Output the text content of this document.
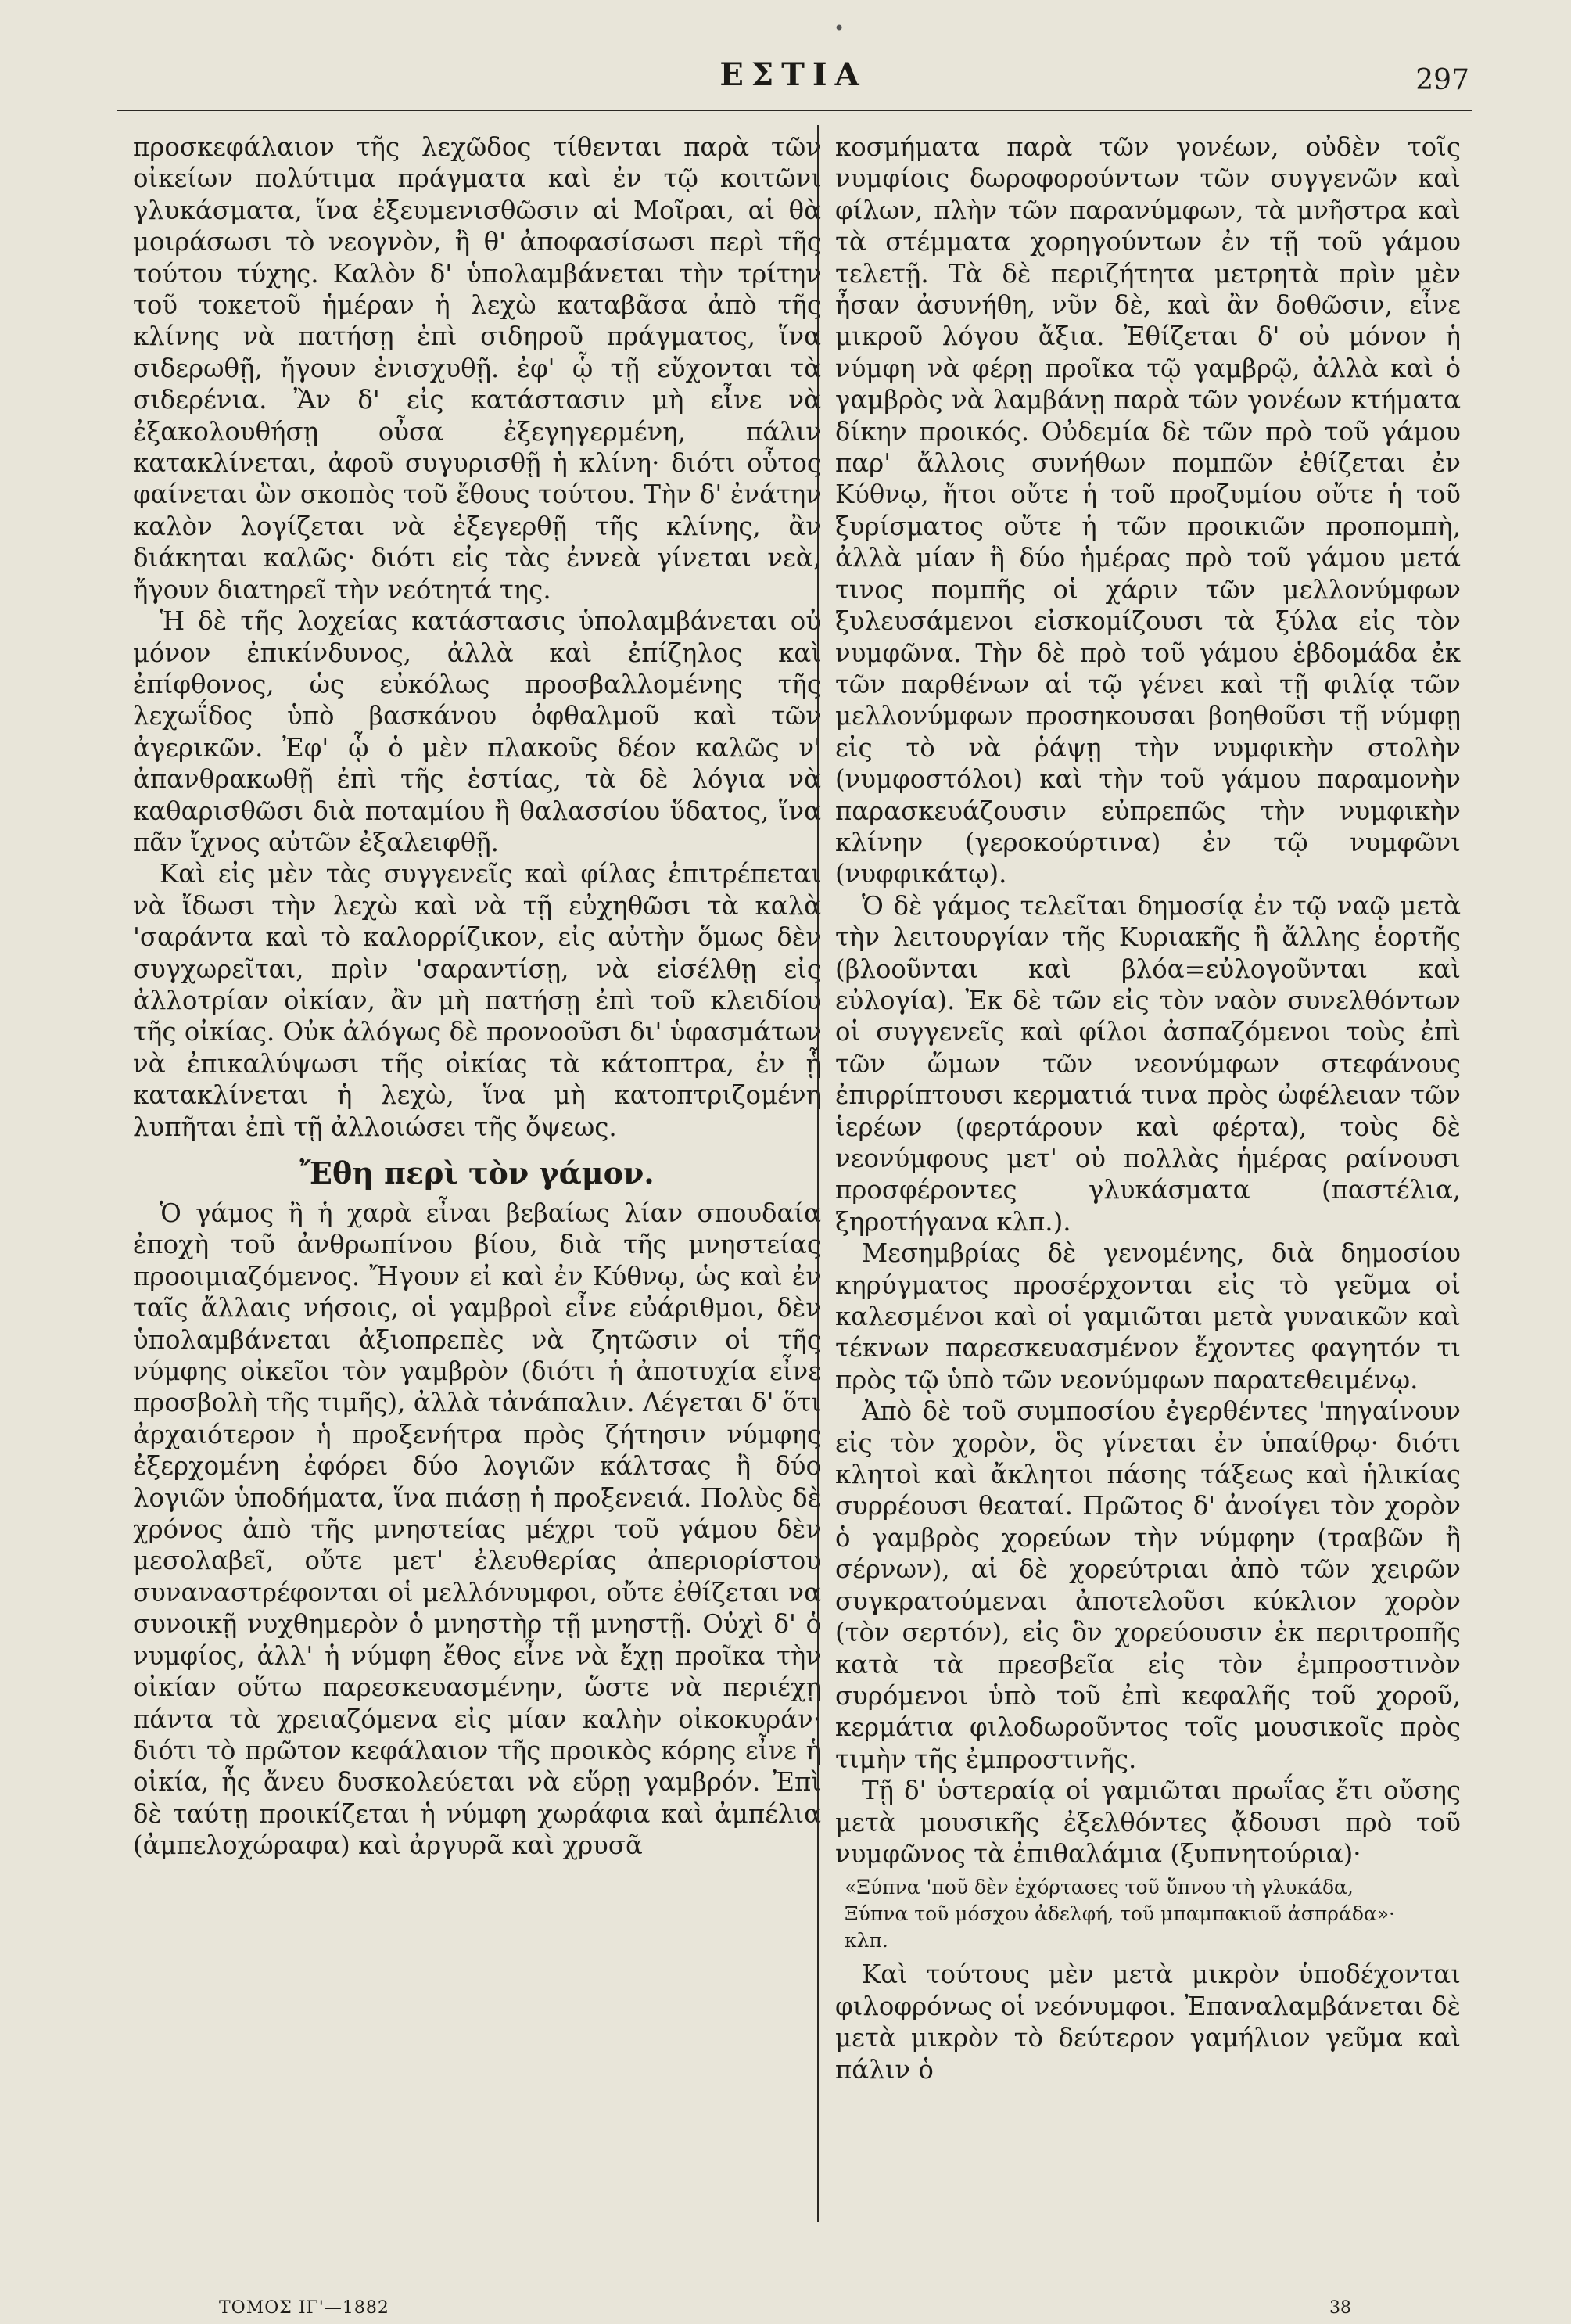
•
ΕΣΤΙΑ	297

προσκεφάλαιον τῆς λεχῶδος τίθενται παρὰ τῶν οἰκείων πολύτιμα πράγματα καὶ ἐν τῷ κοιτῶνι γλυκάσματα, ἵνα ἐξευμενισθῶσιν αἱ Μοῖραι, αἱ θὰ μοιράσωσι τὸ νεογνὸν, ἢ θ' ἀποφασίσωσι περὶ τῆς τούτου τύχης. Καλὸν δ' ὑπολαμβάνεται τὴν τρίτην τοῦ τοκετοῦ ἡμέραν ἡ λεχὼ καταβᾶσα ἀπὸ τῆς κλίνης νὰ πατήσῃ ἐπὶ σιδηροῦ πράγματος, ἵνα σιδερωθῇ, ἤγουν ἐνισχυθῇ. ἐφ' ᾧ τῇ εὔχονται τὰ σιδερένια. Ἂν δ' εἰς κατάστασιν μὴ εἶνε νὰ ἐξακολουθήσῃ οὖσα ἐξεγηγερμένη, πάλιν κατακλίνεται, ἀφοῦ συγυρισθῇ ἡ κλίνη· διότι οὗτος φαίνεται ὢν σκοπὸς τοῦ ἔθους τούτου. Τὴν δ' ἐνάτην καλὸν λογίζεται νὰ ἐξεγερθῇ τῆς κλίνης, ἂν διάκηται καλῶς· διότι εἰς τὰς ἐννεὰ γίνεται νεὰ, ἤγουν διατηρεῖ τὴν νεότητά της.

Ἡ δὲ τῆς λοχείας κατάστασις ὑπολαμβάνεται οὐ μόνον ἐπικίνδυνος, ἀλλὰ καὶ ἐπίζηλος καὶ ἐπίφθονος, ὡς εὐκόλως προσβαλλομένης τῆς λεχωΐδος ὑπὸ βασκάνου ὀφθαλμοῦ καὶ τῶν ἀγερικῶν. Ἐφ' ᾧ ὁ μὲν πλακοῦς δέον καλῶς ν' ἀπανθρακωθῇ ἐπὶ τῆς ἑστίας, τὰ δὲ λόγια νὰ καθαρισθῶσι διὰ ποταμίου ἢ θαλασσίου ὕδατος, ἵνα πᾶν ἴχνος αὐτῶν ἐξαλειφθῇ.

Καὶ εἰς μὲν τὰς συγγενεῖς καὶ φίλας ἐπιτρέπεται νὰ ἴδωσι τὴν λεχὼ καὶ νὰ τῇ εὐχηθῶσι τὰ καλὰ 'σαράντα καὶ τὸ καλορρίζικον, εἰς αὐτὴν ὅμως δὲν συγχωρεῖται, πρὶν 'σαραντίσῃ, νὰ εἰσέλθῃ εἰς ἀλλοτρίαν οἰκίαν, ἂν μὴ πατήσῃ ἐπὶ τοῦ κλειδίου τῆς οἰκίας. Οὐκ ἀλόγως δὲ προνοοῦσι δι' ὑφασμάτων νὰ ἐπικαλύψωσι τῆς οἰκίας τὰ κάτοπτρα, ἐν ᾗ κατακλίνεται ἡ λεχὼ, ἵνα μὴ κατοπτριζομένη λυπῆται ἐπὶ τῇ ἀλλοιώσει τῆς ὄψεως.

Ἔθη περὶ τὸν γάμον.

Ὁ γάμος ἢ ἡ χαρὰ εἶναι βεβαίως λίαν σπουδαία ἐποχὴ τοῦ ἀνθρωπίνου βίου, διὰ τῆς μνηστείας προοιμιαζόμενος. Ἤγουν εἰ καὶ ἐν Κύθνῳ, ὡς καὶ ἐν ταῖς ἄλλαις νήσοις, οἱ γαμβροὶ εἶνε εὐάριθμοι, δὲν ὑπολαμβάνεται ἀξιοπρεπὲς νὰ ζητῶσιν οἱ τῆς νύμφης οἰκεῖοι τὸν γαμβρὸν (διότι ἡ ἀποτυχία εἶνε προσβολὴ τῆς τιμῆς), ἀλλὰ τἀνάπαλιν. Λέγεται δ' ὅτι ἀρχαιότερον ἡ προξενήτρα πρὸς ζήτησιν νύμφης ἐξερχομένη ἐφόρει δύο λογιῶν κάλτσας ἢ δύο λογιῶν ὑποδήματα, ἵνα πιάσῃ ἡ προξενειά. Πολὺς δὲ χρόνος ἀπὸ τῆς μνηστείας μέχρι τοῦ γάμου δὲν μεσολαβεῖ, οὔτε μετ' ἐλευθερίας ἀπεριορίστου συναναστρέφονται οἱ μελλόνυμφοι, οὔτε ἐθίζεται να συνοικῇ νυχθημερὸν ὁ μνηστὴρ τῇ μνηστῇ. Οὐχὶ δ' ὁ νυμφίος, ἀλλ' ἡ νύμφη ἔθος εἶνε νὰ ἔχῃ προῖκα τὴν οἰκίαν οὕτω παρεσκευασμένην, ὥστε νὰ περιέχῃ πάντα τὰ χρειαζόμενα εἰς μίαν καλὴν οἰκοκυράν· διότι τὸ πρῶτον κεφάλαιον τῆς προικὸς κόρης εἶνε ἡ οἰκία, ἧς ἄνευ δυσκολεύεται νὰ εὕρῃ γαμβρόν. Ἐπὶ δὲ ταύτῃ προικίζεται ἡ νύμφη χωράφια καὶ ἀμπέλια (ἀμπελοχώραφα) καὶ ἀργυρᾶ καὶ χρυσᾶ

κοσμήματα παρὰ τῶν γονέων, οὐδὲν τοῖς νυμφίοις δωροφορούντων τῶν συγγενῶν καὶ φίλων, πλὴν τῶν παρανύμφων, τὰ μνῆστρα καὶ τὰ στέμματα χορηγούντων ἐν τῇ τοῦ γάμου τελετῇ. Τὰ δὲ περιζήτητα μετρητὰ πρὶν μὲν ἦσαν ἀσυνήθη, νῦν δὲ, καὶ ἂν δοθῶσιν, εἶνε μικροῦ λόγου ἄξια. Ἐθίζεται δ' οὐ μόνον ἡ νύμφη νὰ φέρῃ προῖκα τῷ γαμβρῷ, ἀλλὰ καὶ ὁ γαμβρὸς νὰ λαμβάνῃ παρὰ τῶν γονέων κτήματα δίκην προικός. Οὐδεμία δὲ τῶν πρὸ τοῦ γάμου παρ' ἄλλοις συνήθων πομπῶν ἐθίζεται ἐν Κύθνῳ, ἤτοι οὔτε ἡ τοῦ προζυμίου οὔτε ἡ τοῦ ξυρίσματος οὔτε ἡ τῶν προικιῶν προπομπὴ, ἀλλὰ μίαν ἢ δύο ἡμέρας πρὸ τοῦ γάμου μετά τινος πομπῆς οἱ χάριν τῶν μελλονύμφων ξυλευσάμενοι εἰσκομίζουσι τὰ ξύλα εἰς τὸν νυμφῶνα. Τὴν δὲ πρὸ τοῦ γάμου ἑβδομάδα ἐκ τῶν παρθένων αἱ τῷ γένει καὶ τῇ φιλίᾳ τῶν μελλονύμφων προσηκουσαι βοηθοῦσι τῇ νύμφῃ εἰς τὸ νὰ ῥάψῃ τὴν νυμφικὴν στολὴν (νυμφοστόλοι) καὶ τὴν τοῦ γάμου παραμονὴν παρασκευάζουσιν εὐπρεπῶς τὴν νυμφικὴν κλίνην (γεροκούρτινα) ἐν τῷ νυμφῶνι (νυφφικάτῳ).

Ὁ δὲ γάμος τελεῖται δημοσίᾳ ἐν τῷ ναῷ μετὰ τὴν λειτουργίαν τῆς Κυριακῆς ἢ ἄλλης ἑορτῆς (βλοοῦνται καὶ βλόα=εὐλογοῦνται καὶ εὐλογία). Ἐκ δὲ τῶν εἰς τὸν ναὸν συνελθόντων οἱ συγγενεῖς καὶ φίλοι ἀσπαζόμενοι τοὺς ἐπὶ τῶν ὤμων τῶν νεονύμφων στεφάνους ἐπιρρίπτουσι κερματιά τινα πρὸς ὠφέλειαν τῶν ἱερέων (φερτάρουν καὶ φέρτα), τοὺς δὲ νεονύμφους μετ' οὐ πολλὰς ἡμέρας ραίνουσι προσφέροντες γλυκάσματα (παστέλια, ξηροτήγανα κλπ.).

Μεσημβρίας δὲ γενομένης, διὰ δημοσίου κηρύγματος προσέρχονται εἰς τὸ γεῦμα οἱ καλεσμένοι καὶ οἱ γαμιῶται μετὰ γυναικῶν καὶ τέκνων παρεσκευασμένον ἔχοντες φαγητόν τι πρὸς τῷ ὑπὸ τῶν νεονύμφων παρατεθειμένῳ.

Ἀπὸ δὲ τοῦ συμποσίου ἐγερθέντες 'πηγαίνουν εἰς τὸν χορὸν, ὃς γίνεται ἐν ὑπαίθρῳ· διότι κλητοὶ καὶ ἄκλητοι πάσης τάξεως καὶ ἡλικίας συρρέουσι θεαταί. Πρῶτος δ' ἀνοίγει τὸν χορὸν ὁ γαμβρὸς χορεύων τὴν νύμφην (τραβῶν ἢ σέρνων), αἱ δὲ χορεύτριαι ἀπὸ τῶν χειρῶν συγκρατούμεναι ἀποτελοῦσι κύκλιον χορὸν (τὸν σερτόν), εἰς ὃν χορεύουσιν ἐκ περιτροπῆς κατὰ τὰ πρεσβεῖα εἰς τὸν ἐμπροστινὸν συρόμενοι ὑπὸ τοῦ ἐπὶ κεφαλῆς τοῦ χοροῦ, κερμάτια φιλοδωροῦντος τοῖς μουσικοῖς πρὸς τιμὴν τῆς ἐμπροστινῆς.

Τῇ δ' ὑστεραίᾳ οἱ γαμιῶται πρωΐας ἔτι οὔσης μετὰ μουσικῆς ἐξελθόντες ᾄδουσι πρὸ τοῦ νυμφῶνος τὰ ἐπιθαλάμια (ξυπνητούρια)·

«Ξύπνα 'ποῦ δὲν ἐχόρτασες τοῦ ὕπνου τὴ γλυκάδα,
Ξύπνα τοῦ μόσχου ἀδελφή, τοῦ μπαμπακιοῦ ἀσπράδα»·
κλπ.

Καὶ τούτους μὲν μετὰ μικρὸν ὑποδέχονται φιλοφρόνως οἱ νεόνυμφοι. Ἐπαναλαμβάνεται δὲ μετὰ μικρὸν τὸ δεύτερον γαμήλιον γεῦμα καὶ πάλιν ὁ

ΤΟΜΟΣ ΙΓ'—1882	38
